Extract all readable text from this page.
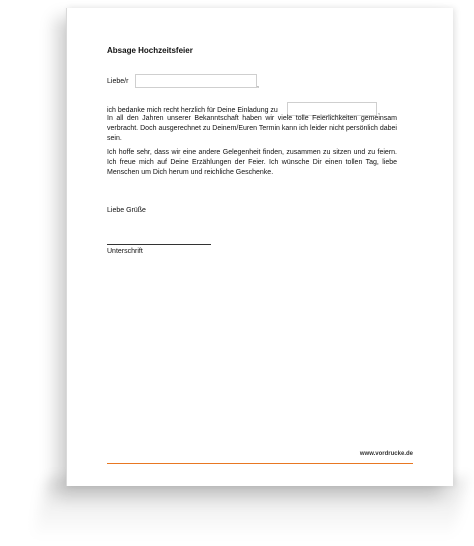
Absage Hochzeitsfeier
Liebe/r
,
ich bedanke mich recht herzlich für Deine Einladung zu	.
In all den Jahren unserer Bekanntschaft haben wir viele tolle Feierlichkeiten gemeinsam verbracht. Doch ausgerechnet zu Deinem/Euren Termin kann ich leider nicht persönlich dabei sein.
Ich hoffe sehr, dass wir eine andere Gelegenheit finden, zusammen zu sitzen und zu feiern. Ich freue mich auf Deine Erzählungen der Feier. Ich wünsche Dir einen tollen Tag, liebe Menschen um Dich herum und reichliche Geschenke.
Liebe Grüße
Unterschrift
www.vordrucke.de
